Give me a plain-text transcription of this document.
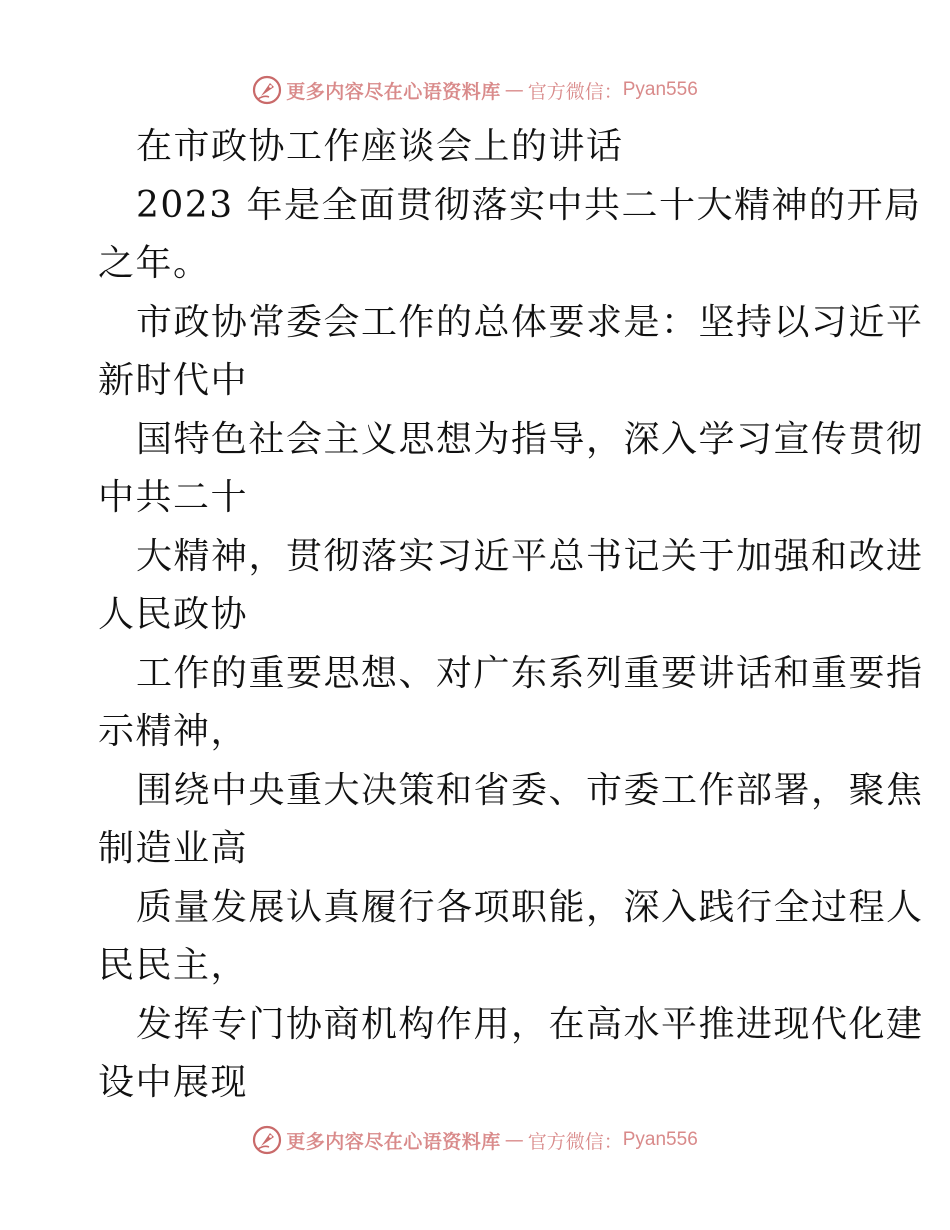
更多内容尽在心语资料库 — 官方微信： Pyan556
在市政协工作座谈会上的讲话
2023 年是全面贯彻落实中共二十大精神的开局
之年。
市政协常委会工作的总体要求是：坚持以习近平
新时代中
国特色社会主义思想为指导，深入学习宣传贯彻
中共二十
大精神，贯彻落实习近平总书记关于加强和改进
人民政协
工作的重要思想、对广东系列重要讲话和重要指
示精神，
围绕中央重大决策和省委、市委工作部署，聚焦
制造业高
质量发展认真履行各项职能，深入践行全过程人
民民主，
发挥专门协商机构作用，在高水平推进现代化建
设中展现
更多内容尽在心语资料库 — 官方微信： Pyan556
